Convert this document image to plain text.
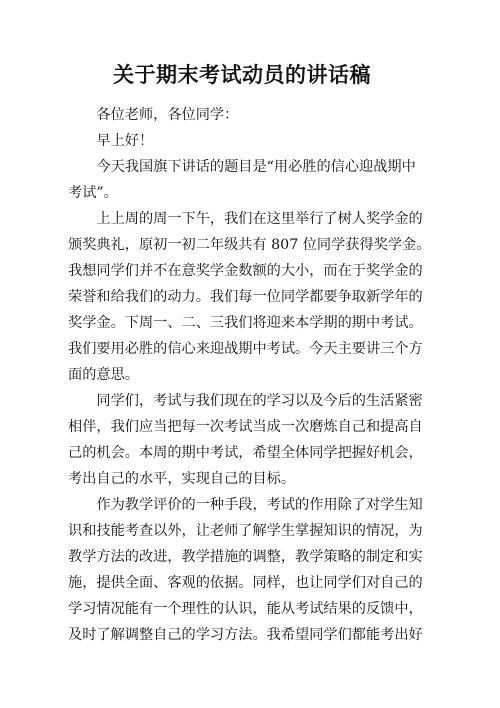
关于期末考试动员的讲话稿

　　各位老师，各位同学：

　　早上好！

　　今天我国旗下讲话的题目是“用必胜的信心迎战期中

考试”。

　　上上周的周一下午，我们在这里举行了树人奖学金的

颁奖典礼，原初一初二年级共有 807 位同学获得奖学金。

我想同学们并不在意奖学金数额的大小，而在于奖学金的

荣誉和给我们的动力。我们每一位同学都要争取新学年的

奖学金。下周一、二、三我们将迎来本学期的期中考试。

我们要用必胜的信心来迎战期中考试。今天主要讲三个方

面的意思。

　　同学们，考试与我们现在的学习以及今后的生活紧密

相伴，我们应当把每一次考试当成一次磨炼自己和提高自

己的机会。本周的期中考试，希望全体同学把握好机会，

考出自己的水平，实现自己的目标。

　　作为教学评价的一种手段，考试的作用除了对学生知

识和技能考查以外，让老师了解学生掌握知识的情况，为

教学方法的改进，教学措施的调整，教学策略的制定和实

施，提供全面、客观的依据。同样，也让同学们对自己的

学习情况能有一个理性的认识，能从考试结果的反馈中，

及时了解调整自己的学习方法。我希望同学们都能考出好
